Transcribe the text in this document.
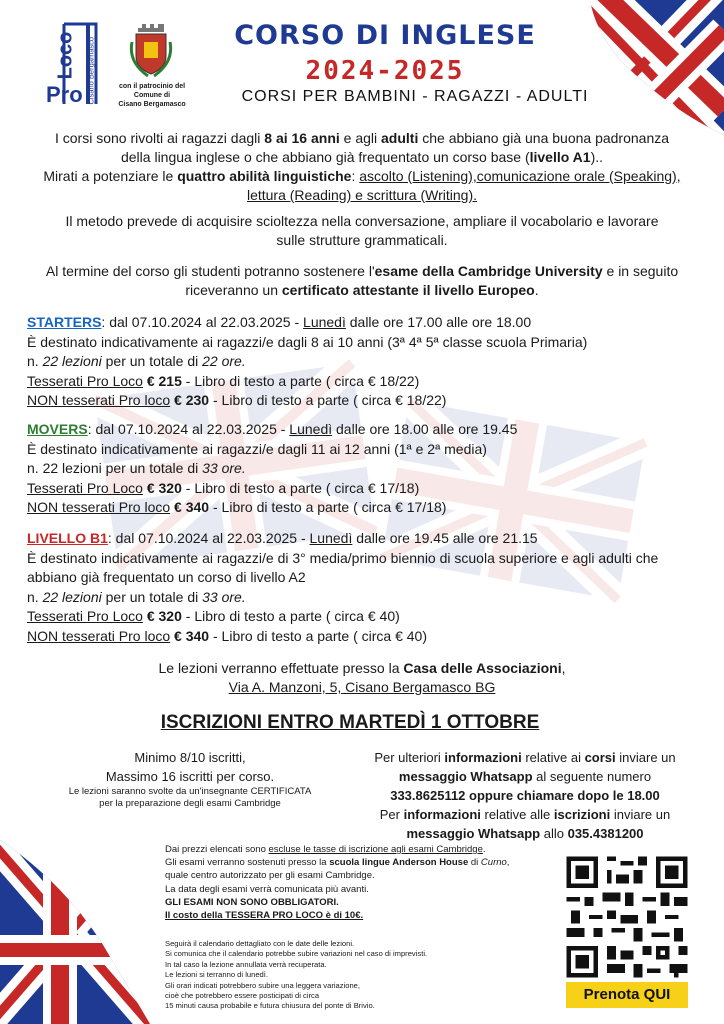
Loco
Pro Cisano Bergamasco	con il patrocinio del
Comune di
Cisano Bergamasco
CORSO DI INGLESE
2024-2025
CORSI PER BAMBINI - RAGAZZI - ADULTI
I corsi sono rivolti ai ragazzi dagli 8 ai 16 anni e agli adulti che abbiano già una buona padronanza
della lingua inglese o che abbiano già frequentato un corso base (livello A1)..
Mirati a potenziare le quattro abilità linguistiche: ascolto (Listening),comunicazione orale (Speaking),
lettura (Reading) e scrittura (Writing).
Il metodo prevede di acquisire scioltezza nella conversazione, ampliare il vocabolario e lavorare sulle strutture grammaticali.
Al termine del corso gli studenti potranno sostenere l'esame della Cambridge University e in seguito
riceveranno un certificato attestante il livello Europeo.
STARTERS: dal 07.10.2024 al 22.03.2025 - Lunedì dalle ore 17.00 alle ore 18.00
È destinato indicativamente ai ragazzi/e dagli 8 ai 10 anni (3ª 4ª 5ª classe scuola Primaria)
n. 22 lezioni per un totale di 22 ore.
Tesserati Pro Loco € 215 - Libro di testo a parte ( circa € 18/22)
NON tesserati Pro loco € 230 - Libro di testo a parte ( circa € 18/22)
MOVERS: dal 07.10.2024 al 22.03.2025 - Lunedì dalle ore 18.00 alle ore 19.45
È destinato indicativamente ai ragazzi/e dagli 11 ai 12 anni (1ª e 2ª media)
n. 22 lezioni per un totale di 33 ore.
Tesserati Pro Loco € 320 - Libro di testo a parte ( circa € 17/18)
NON tesserati Pro loco € 340 - Libro di testo a parte ( circa € 17/18)
LIVELLO B1: dal 07.10.2024 al 22.03.2025 - Lunedì dalle ore 19.45 alle ore 21.15
È destinato indicativamente ai ragazzi/e di 3° media/primo biennio di scuola superiore e agli adulti che abbiano già frequentato un corso di livello A2
n. 22 lezioni per un totale di 33 ore.
Tesserati Pro Loco € 320 - Libro di testo a parte ( circa € 40)
NON tesserati Pro loco € 340 - Libro di testo a parte ( circa € 40)
Le lezioni verranno effettuate presso la Casa delle Associazioni,
Via A. Manzoni, 5, Cisano Bergamasco BG
ISCRIZIONI ENTRO MARTEDÌ 1 OTTOBRE
Minimo 8/10 iscritti,
Massimo 16 iscritti per corso.
Le lezioni saranno svolte da un'insegnante CERTIFICATA
per la preparazione degli esami Cambridge
Per ulteriori informazioni relative ai corsi inviare un
messaggio Whatsapp al seguente numero
333.8625112 oppure chiamare dopo le 18.00
Per informazioni relative alle iscrizioni inviare un
messaggio Whatsapp allo 035.4381200
Dai prezzi elencati sono escluse le tasse di iscrizione agli esami Cambridge.
Gli esami verranno sostenuti presso la scuola lingue Anderson House di Curno,
quale centro autorizzato per gli esami Cambridge.
La data degli esami verrà comunicata più avanti.
GLI ESAMI NON SONO OBBLIGATORI.
Il costo della TESSERA PRO LOCO è di 10€.
Seguirà il calendario dettagliato con le date delle lezioni.
Si comunica che il calendario potrebbe subire variazioni nel caso di imprevisti.
In tal caso la lezione annullata verrà recuperata.
Le lezioni si terranno di lunedì.
Gli orari indicati potrebbero subire una leggera variazione,
cioè che potrebbero essere posticipati di circa
15 minuti causa probabile e futura chiusura del ponte di Brivio.
Prenota QUI
